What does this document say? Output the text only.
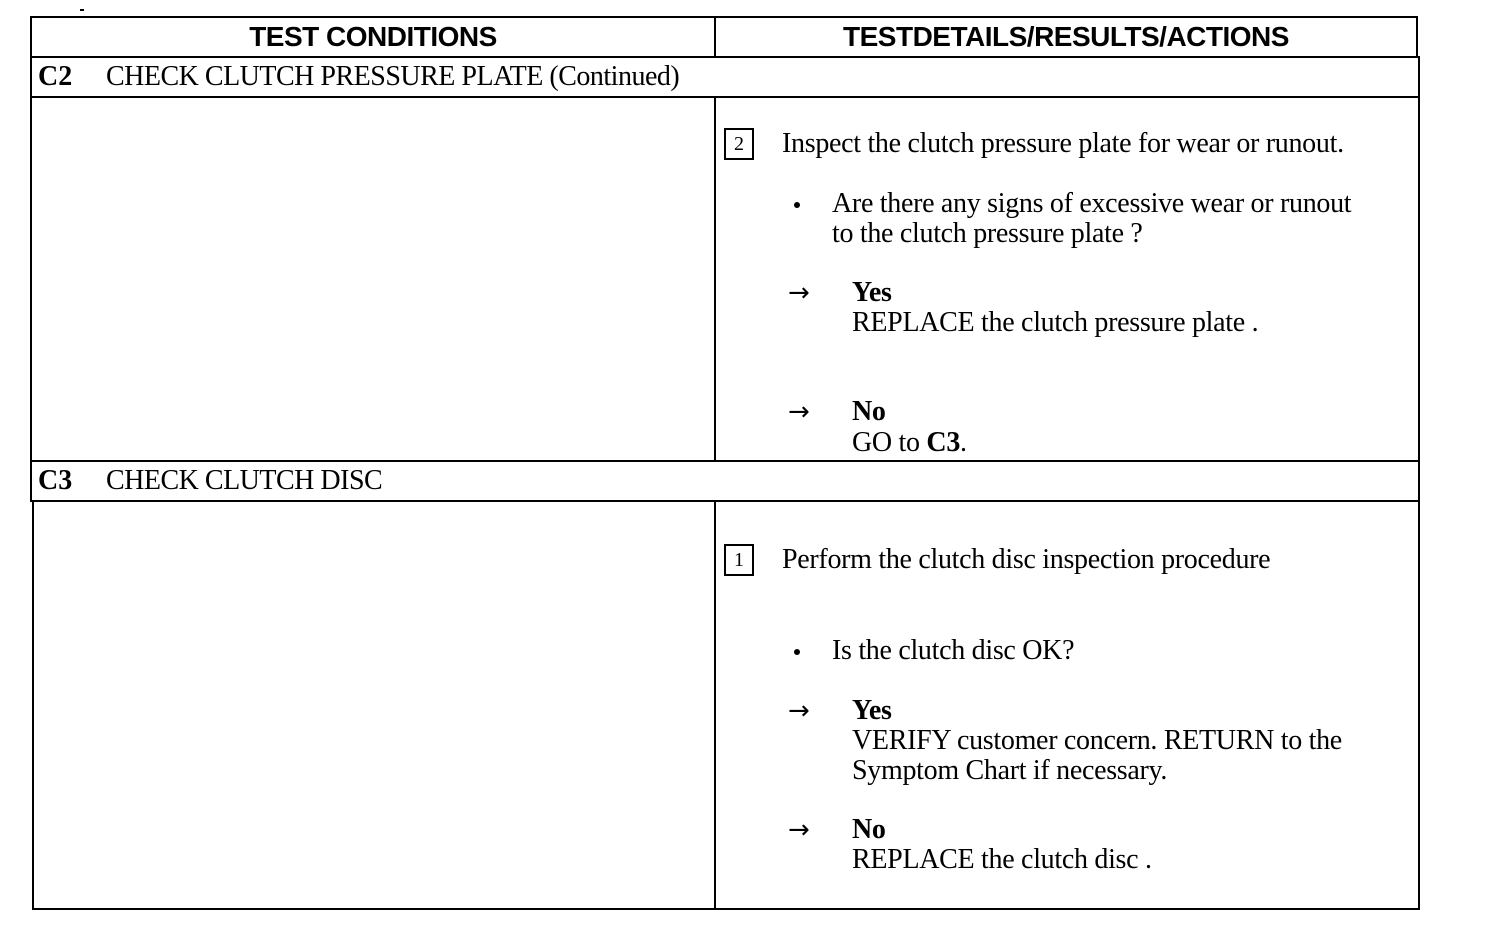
TEST CONDITIONS	TESTDETAILS/RESULTS/ACTIONS
C2	CHECK CLUTCH PRESSURE PLATE (Continued)
2	Inspect the clutch pressure plate for wear or runout.
Are there any signs of excessive wear or runout
to the clutch pressure plate ?
→ Yes
REPLACE the clutch pressure plate .
→ No
GO to C3.
C3	CHECK CLUTCH DISC
1	Perform the clutch disc inspection procedure
Is the clutch disc OK?
→ Yes
VERIFY customer concern. RETURN to the
Symptom Chart if necessary.
→ No
REPLACE the clutch disc .
